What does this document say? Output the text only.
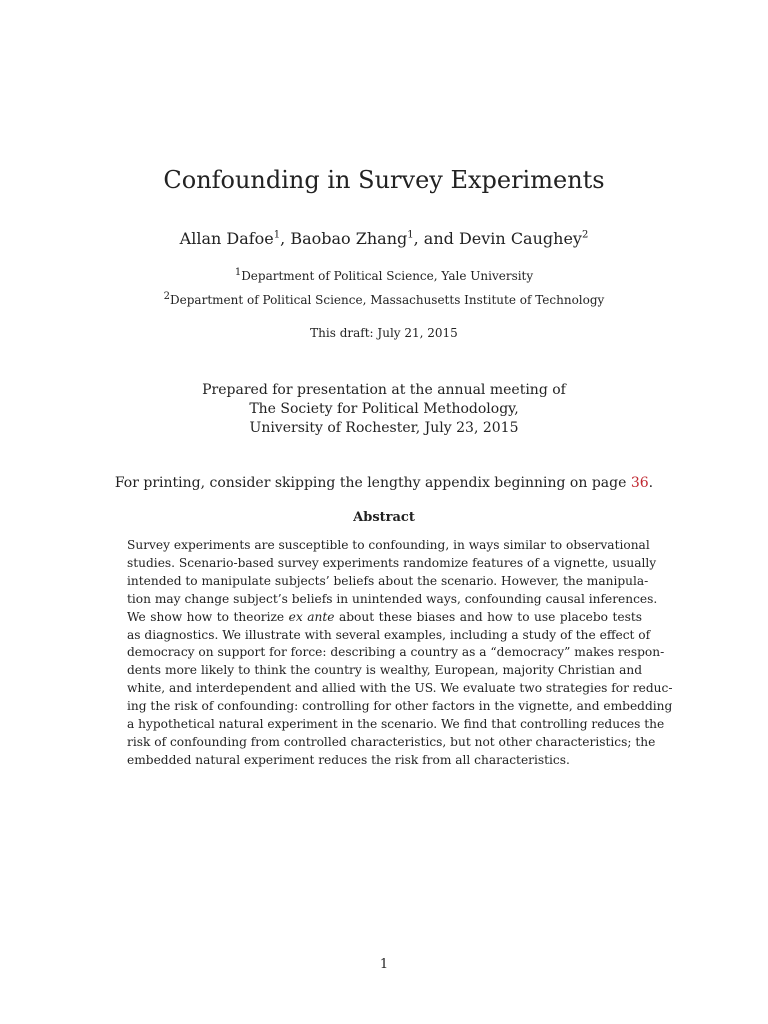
Confounding in Survey Experiments
Allan Dafoe$^1$, Baobao Zhang$^1$, and Devin Caughey$^2$
$^1$Department of Political Science, Yale University
$^2$Department of Political Science, Massachusetts Institute of Technology
This draft: July 21, 2015
Prepared for presentation at the annual meeting of
The Society for Political Methodology,
University of Rochester, July 23, 2015
For printing, consider skipping the lengthy appendix beginning on page 36.
Abstract
Survey experiments are susceptible to confounding, in ways similar to observational
studies. Scenario-based survey experiments randomize features of a vignette, usually
intended to manipulate subjects’ beliefs about the scenario. However, the manipula-
tion may change subject’s beliefs in unintended ways, confounding causal inferences.
We show how to theorize ex ante about these biases and how to use placebo tests
as diagnostics. We illustrate with several examples, including a study of the effect of
democracy on support for force: describing a country as a “democracy” makes respon-
dents more likely to think the country is wealthy, European, majority Christian and
white, and interdependent and allied with the US. We evaluate two strategies for reduc-
ing the risk of confounding: controlling for other factors in the vignette, and embedding
a hypothetical natural experiment in the scenario. We find that controlling reduces the
risk of confounding from controlled characteristics, but not other characteristics; the
embedded natural experiment reduces the risk from all characteristics.
1
